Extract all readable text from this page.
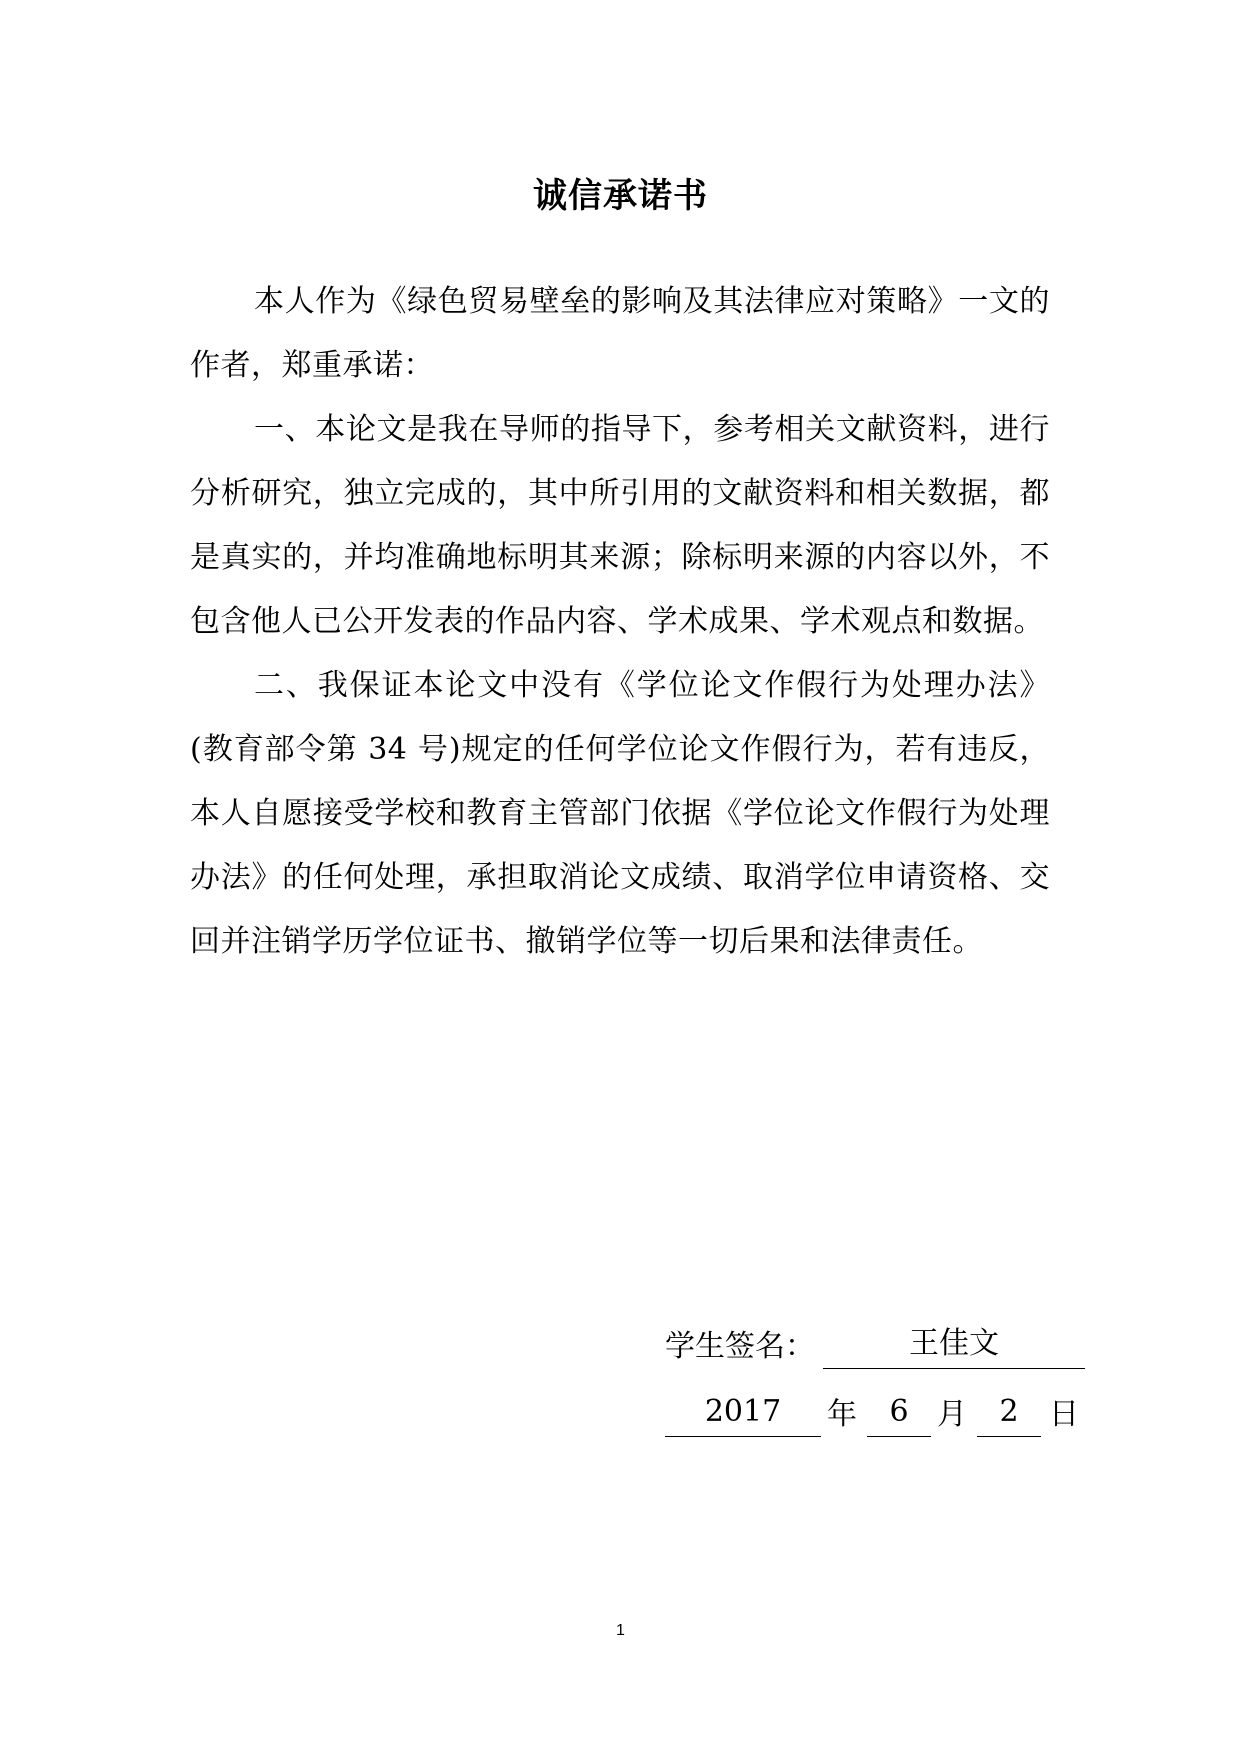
诚信承诺书

本人作为《绿色贸易壁垒的影响及其法律应对策略》一文的作者，郑重承诺：

一、本论文是我在导师的指导下，参考相关文献资料，进行分析研究，独立完成的，其中所引用的文献资料和相关数据，都是真实的，并均准确地标明其来源；除标明来源的内容以外，不包含他人已公开发表的作品内容、学术成果、学术观点和数据。

二、我保证本论文中没有《学位论文作假行为处理办法》(教育部令第 34 号)规定的任何学位论文作假行为，若有违反，本人自愿接受学校和教育主管部门依据《学位论文作假行为处理办法》的任何处理，承担取消论文成绩、取消学位申请资格、交回并注销学历学位证书、撤销学位等一切后果和法律责任。

学生签名：	王佳文
2017	年	6 月	2	日
1
